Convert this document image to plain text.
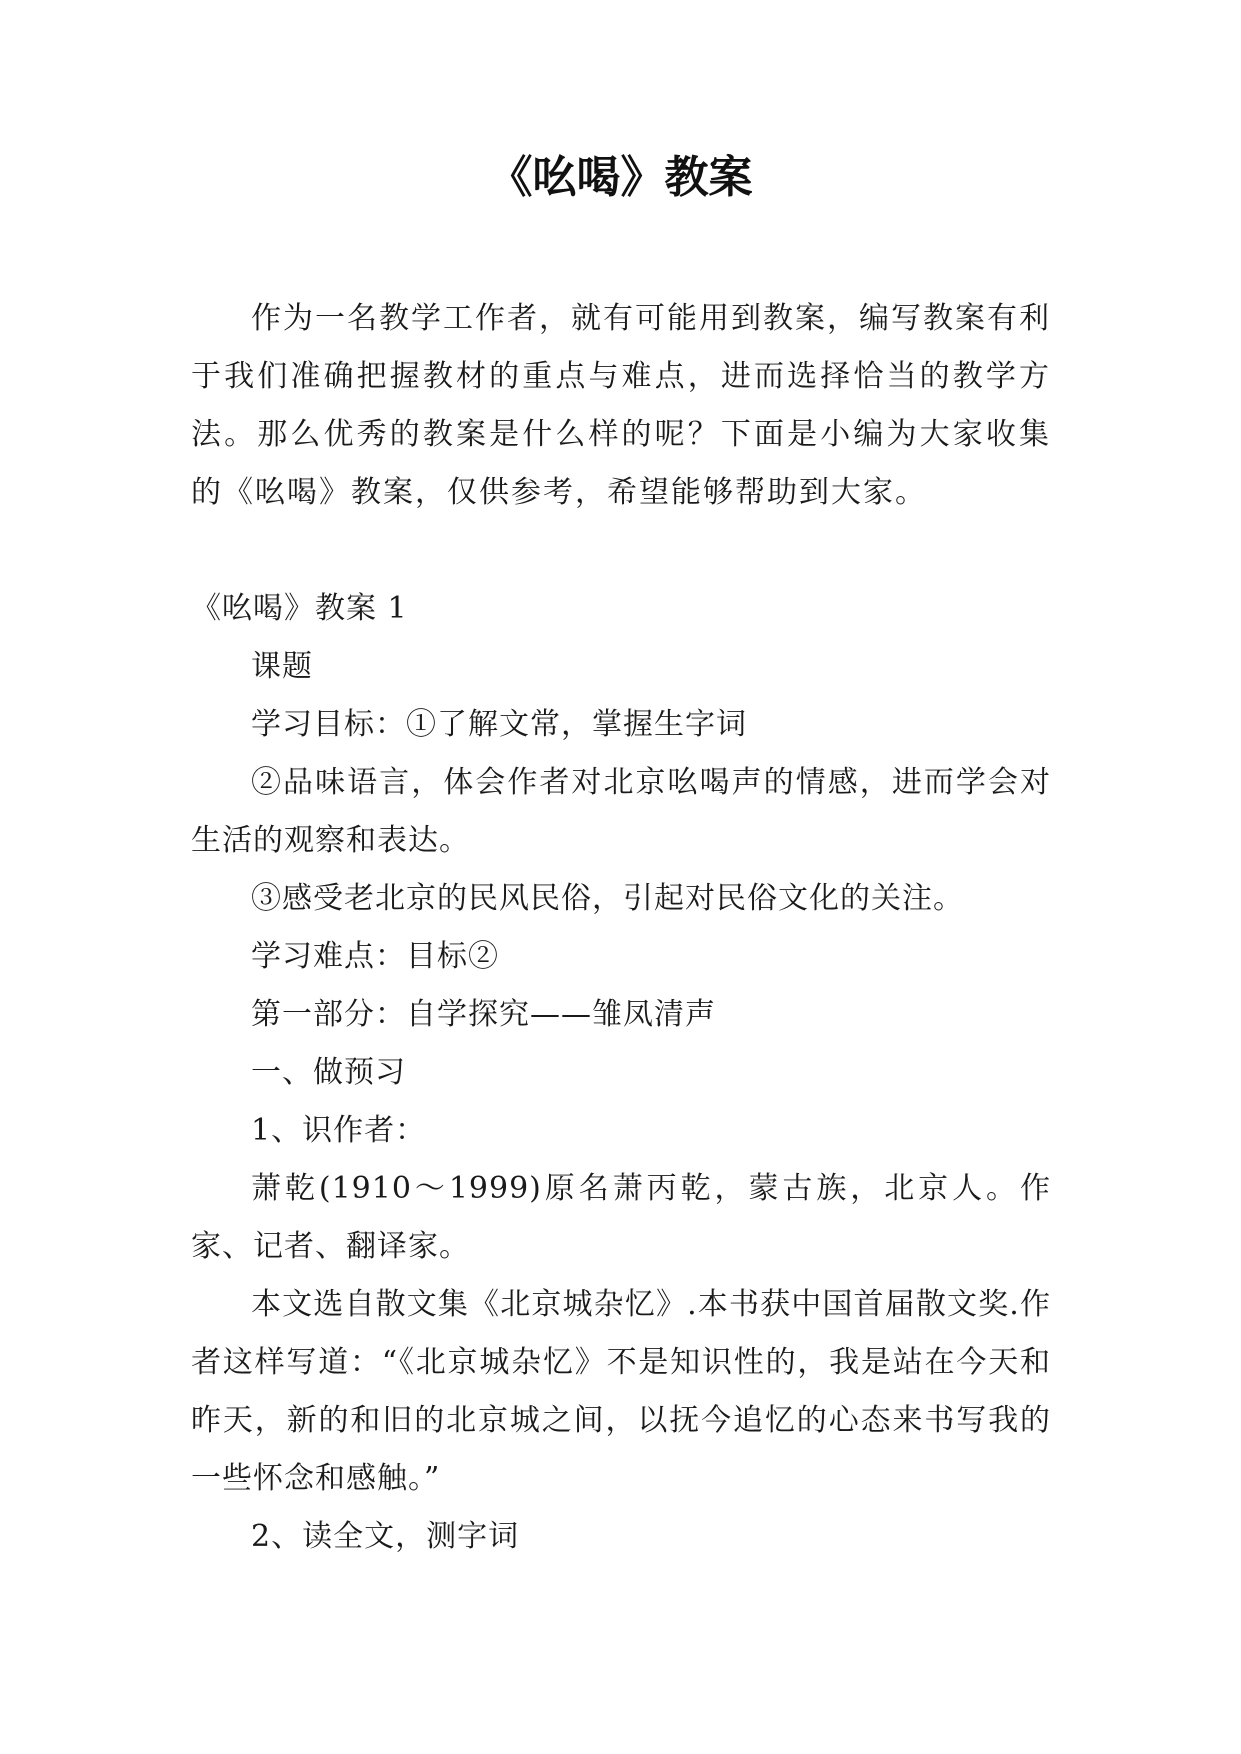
《吆喝》教案

作为一名教学工作者，就有可能用到教案，编写教案有利于我们准确把握教材的重点与难点，进而选择恰当的教学方法。那么优秀的教案是什么样的呢？下面是小编为大家收集的《吆喝》教案，仅供参考，希望能够帮助到大家。

《吆喝》教案 1

课题

学习目标：①了解文常，掌握生字词

②品味语言，体会作者对北京吆喝声的情感，进而学会对生活的观察和表达。

③感受老北京的民风民俗，引起对民俗文化的关注。

学习难点：目标②

第一部分：自学探究——雏凤清声

一、做预习

1、识作者：

萧乾(1910～1999)原名萧丙乾，蒙古族，北京人。作家、记者、翻译家。

本文选自散文集《北京城杂忆》.本书获中国首届散文奖.作者这样写道：“《北京城杂忆》不是知识性的，我是站在今天和昨天，新的和旧的北京城之间，以抚今追忆的心态来书写我的一些怀念和感触。”

2、读全文，测字词
